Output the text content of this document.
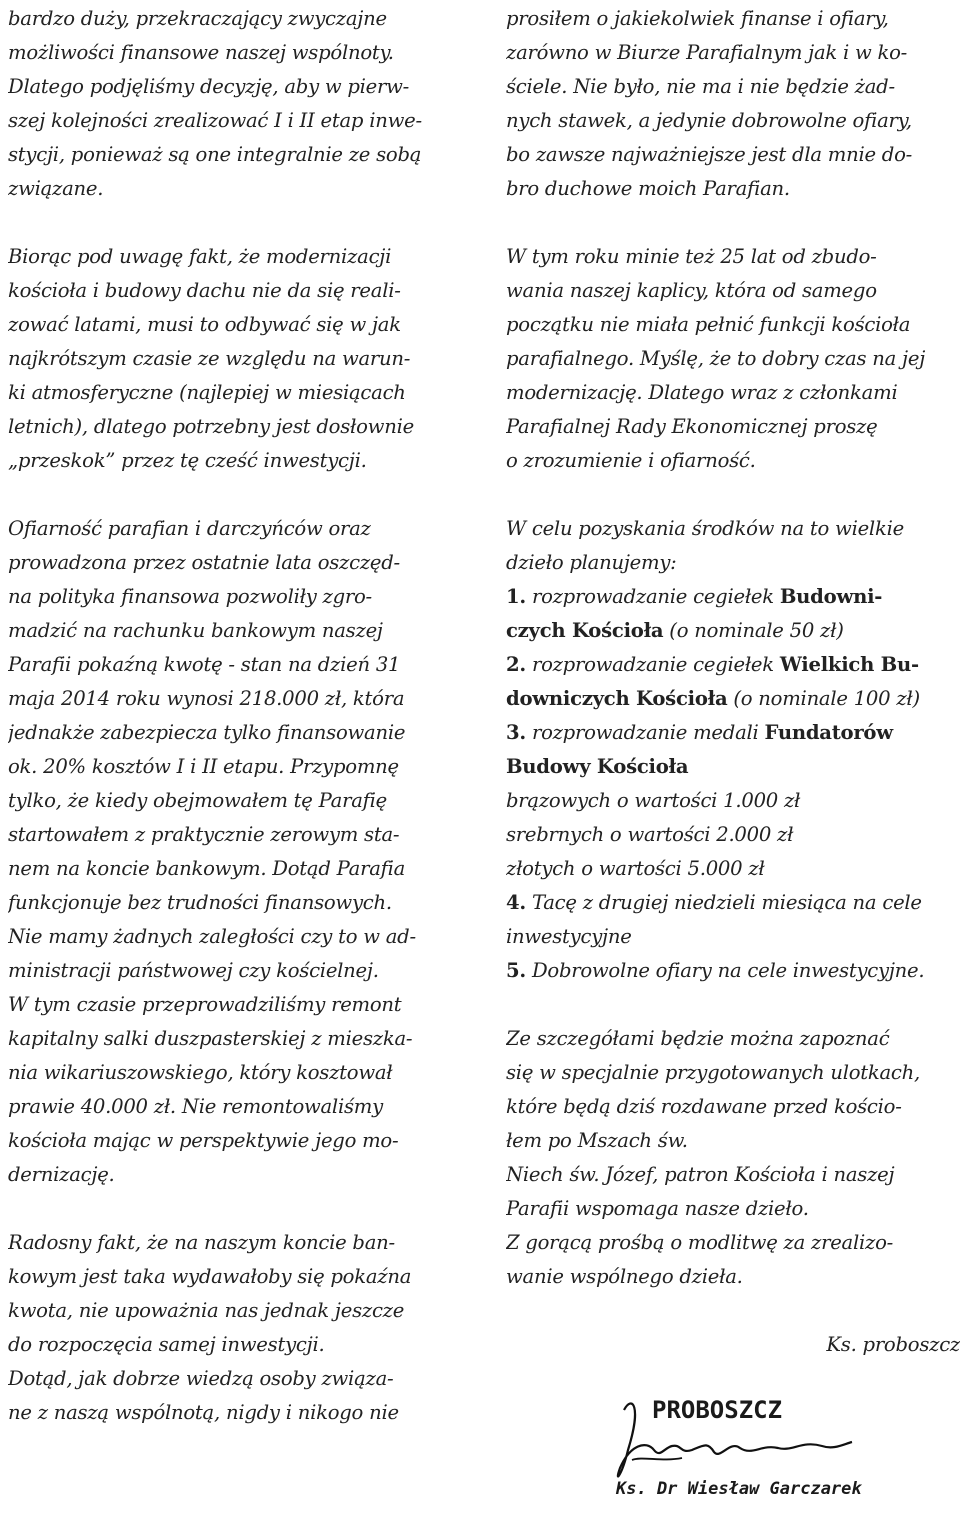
bardzo duży, przekraczający zwyczajne
możliwości finansowe naszej wspólnoty.
Dlatego podjęliśmy decyzję, aby w pierw-
szej kolejności zrealizować I i II etap inwe-
stycji, ponieważ są one integralnie ze sobą
związane.

Biorąc pod uwagę fakt, że modernizacji
kościoła i budowy dachu nie da się reali-
zować latami, musi to odbywać się w jak
najkrótszym czasie ze względu na warun-
ki atmosferyczne (najlepiej w miesiącach
letnich), dlatego potrzebny jest dosłownie
„przeskok” przez tę cześć inwestycji.

Ofiarność parafian i darczyńców oraz
prowadzona przez ostatnie lata oszczęd-
na polityka finansowa pozwoliły zgro-
madzić na rachunku bankowym naszej
Parafii pokaźną kwotę - stan na dzień 31
maja 2014 roku wynosi 218.000 zł, która
jednakże zabezpiecza tylko finansowanie
ok. 20% kosztów I i II etapu. Przypomnę
tylko, że kiedy obejmowałem tę Parafię
startowałem z praktycznie zerowym sta-
nem na koncie bankowym. Dotąd Parafia
funkcjonuje bez trudności finansowych.
Nie mamy żadnych zaległości czy to w ad-
ministracji państwowej czy kościelnej.
W tym czasie przeprowadziliśmy remont
kapitalny salki duszpasterskiej z mieszka-
nia wikariuszowskiego, który kosztował
prawie 40.000 zł. Nie remontowaliśmy
kościoła mając w perspektywie jego mo-
dernizację.

Radosny fakt, że na naszym koncie ban-
kowym jest taka wydawałoby się pokaźna
kwota, nie upoważnia nas jednak jeszcze
do rozpoczęcia samej inwestycji.
Dotąd, jak dobrze wiedzą osoby związa-
ne z naszą wspólnotą, nigdy i nikogo nie
prosiłem o jakiekolwiek finanse i ofiary,
zarówno w Biurze Parafialnym jak i w ko-
ściele. Nie było, nie ma i nie będzie żad-
nych stawek, a jedynie dobrowolne ofiary,
bo zawsze najważniejsze jest dla mnie do-
bro duchowe moich Parafian.

W tym roku minie też 25 lat od zbudo-
wania naszej kaplicy, która od samego
początku nie miała pełnić funkcji kościoła
parafialnego. Myślę, że to dobry czas na jej
modernizację. Dlatego wraz z członkami
Parafialnej Rady Ekonomicznej proszę
o zrozumienie i ofiarność.

W celu pozyskania środków na to wielkie
dzieło planujemy:
1. rozprowadzanie cegiełek Budowni-
czych Kościoła (o nominale 50 zł)
2. rozprowadzanie cegiełek Wielkich Bu-
downiczych Kościoła (o nominale 100 zł)
3. rozprowadzanie medali Fundatorów
Budowy Kościoła
brązowych o wartości 1.000 zł
srebrnych o wartości 2.000 zł
złotych o wartości 5.000 zł
4. Tacę z drugiej niedzieli miesiąca na cele
inwestycyjne
5. Dobrowolne ofiary na cele inwestycyjne.

Ze szczegółami będzie można zapoznać
się w specjalnie przygotowanych ulotkach,
które będą dziś rozdawane przed kościo-
łem po Mszach św.
Niech św. Józef, patron Kościoła i naszej
Parafii wspomaga nasze dzieło.
Z gorącą prośbą o modlitwę za zrealizo-
wanie wspólnego dzieła.

Ks. proboszcz
PROBOSZCZ
Ks. Dr Wiesław Garczarek
